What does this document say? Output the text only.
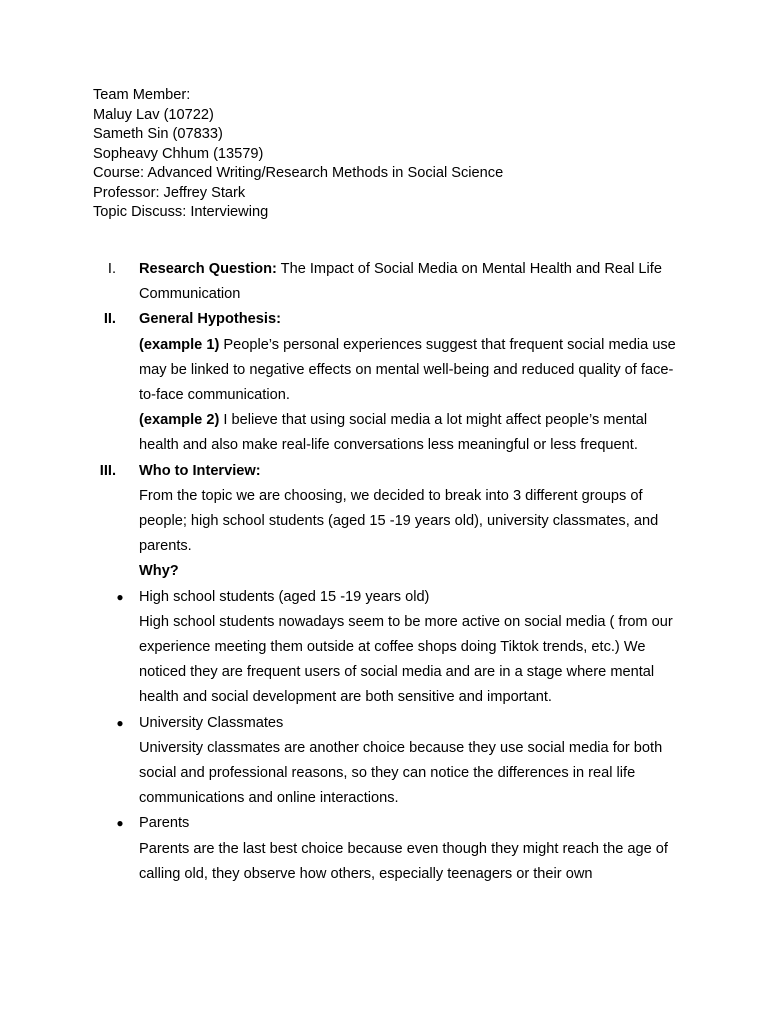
Team Member:
Maluy Lav (10722)
Sameth Sin (07833)
Sopheavy Chhum (13579)
Course: Advanced Writing/Research Methods in Social Science
Professor: Jeffrey Stark
Topic Discuss: Interviewing
I. Research Question: The Impact of Social Media on Mental Health and Real Life Communication
II. General Hypothesis:
(example 1) People’s personal experiences suggest that frequent social media use may be linked to negative effects on mental well-being and reduced quality of face-to-face communication.
(example 2) I believe that using social media a lot might affect people’s mental health and also make real-life conversations less meaningful or less frequent.
III. Who to Interview:
From the topic we are choosing, we decided to break into 3 different groups of people; high school students (aged 15 -19 years old), university classmates, and parents.
Why?
● High school students (aged 15 -19 years old)
High school students nowadays seem to be more active on social media ( from our experience meeting them outside at coffee shops doing Tiktok trends, etc.) We noticed they are frequent users of social media and are in a stage where mental health and social development are both sensitive and important.
● University Classmates
University classmates are another choice because they use social media for both social and professional reasons, so they can notice the differences in real life communications and online interactions.
● Parents
Parents are the last best choice because even though they might reach the age of calling old, they observe how others, especially teenagers or their own
